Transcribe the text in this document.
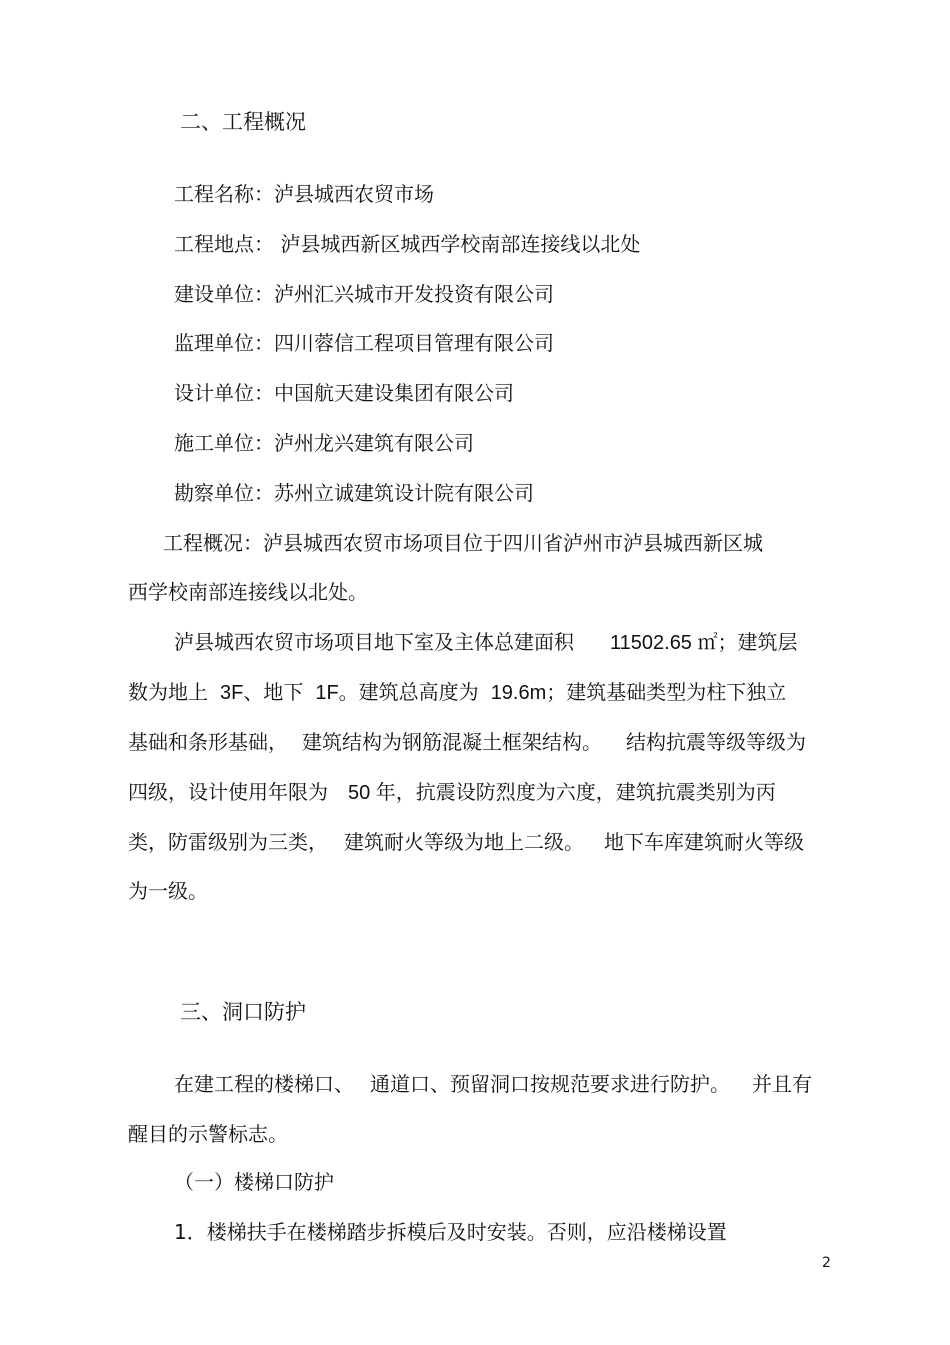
二、工程概况

工程名称：泸县城西农贸市场

工程地点： 泸县城西新区城西学校南部连接线以北处

建设单位：泸州汇兴城市开发投资有限公司

监理单位：四川蓉信工程项目管理有限公司

设计单位：中国航天建设集团有限公司

施工单位：泸州龙兴建筑有限公司

勘察单位：苏州立诚建筑设计院有限公司

工程概况：泸县城西农贸市场项目位于四川省泸州市泸县城西新区城

西学校南部连接线以北处。

泸县城西农贸市场项目地下室及主体总建面积 11502.65 ㎡；建筑层

数为地上 3F、地下 1F。建筑总高度为 19.6m；建筑基础类型为柱下独立

基础和条形基础， 建筑结构为钢筋混凝土框架结构。 结构抗震等级等级为

四级，设计使用年限为 50 年，抗震设防烈度为六度，建筑抗震类别为丙

类，防雷级别为三类， 建筑耐火等级为地上二级。 地下车库建筑耐火等级

为一级。

三、洞口防护

在建工程的楼梯口、 通道口、预留洞口按规范要求进行防护。 并且有

醒目的示警标志。

（一）楼梯口防护

1．楼梯扶手在楼梯踏步拆模后及时安装。否则，应沿楼梯设置

2
